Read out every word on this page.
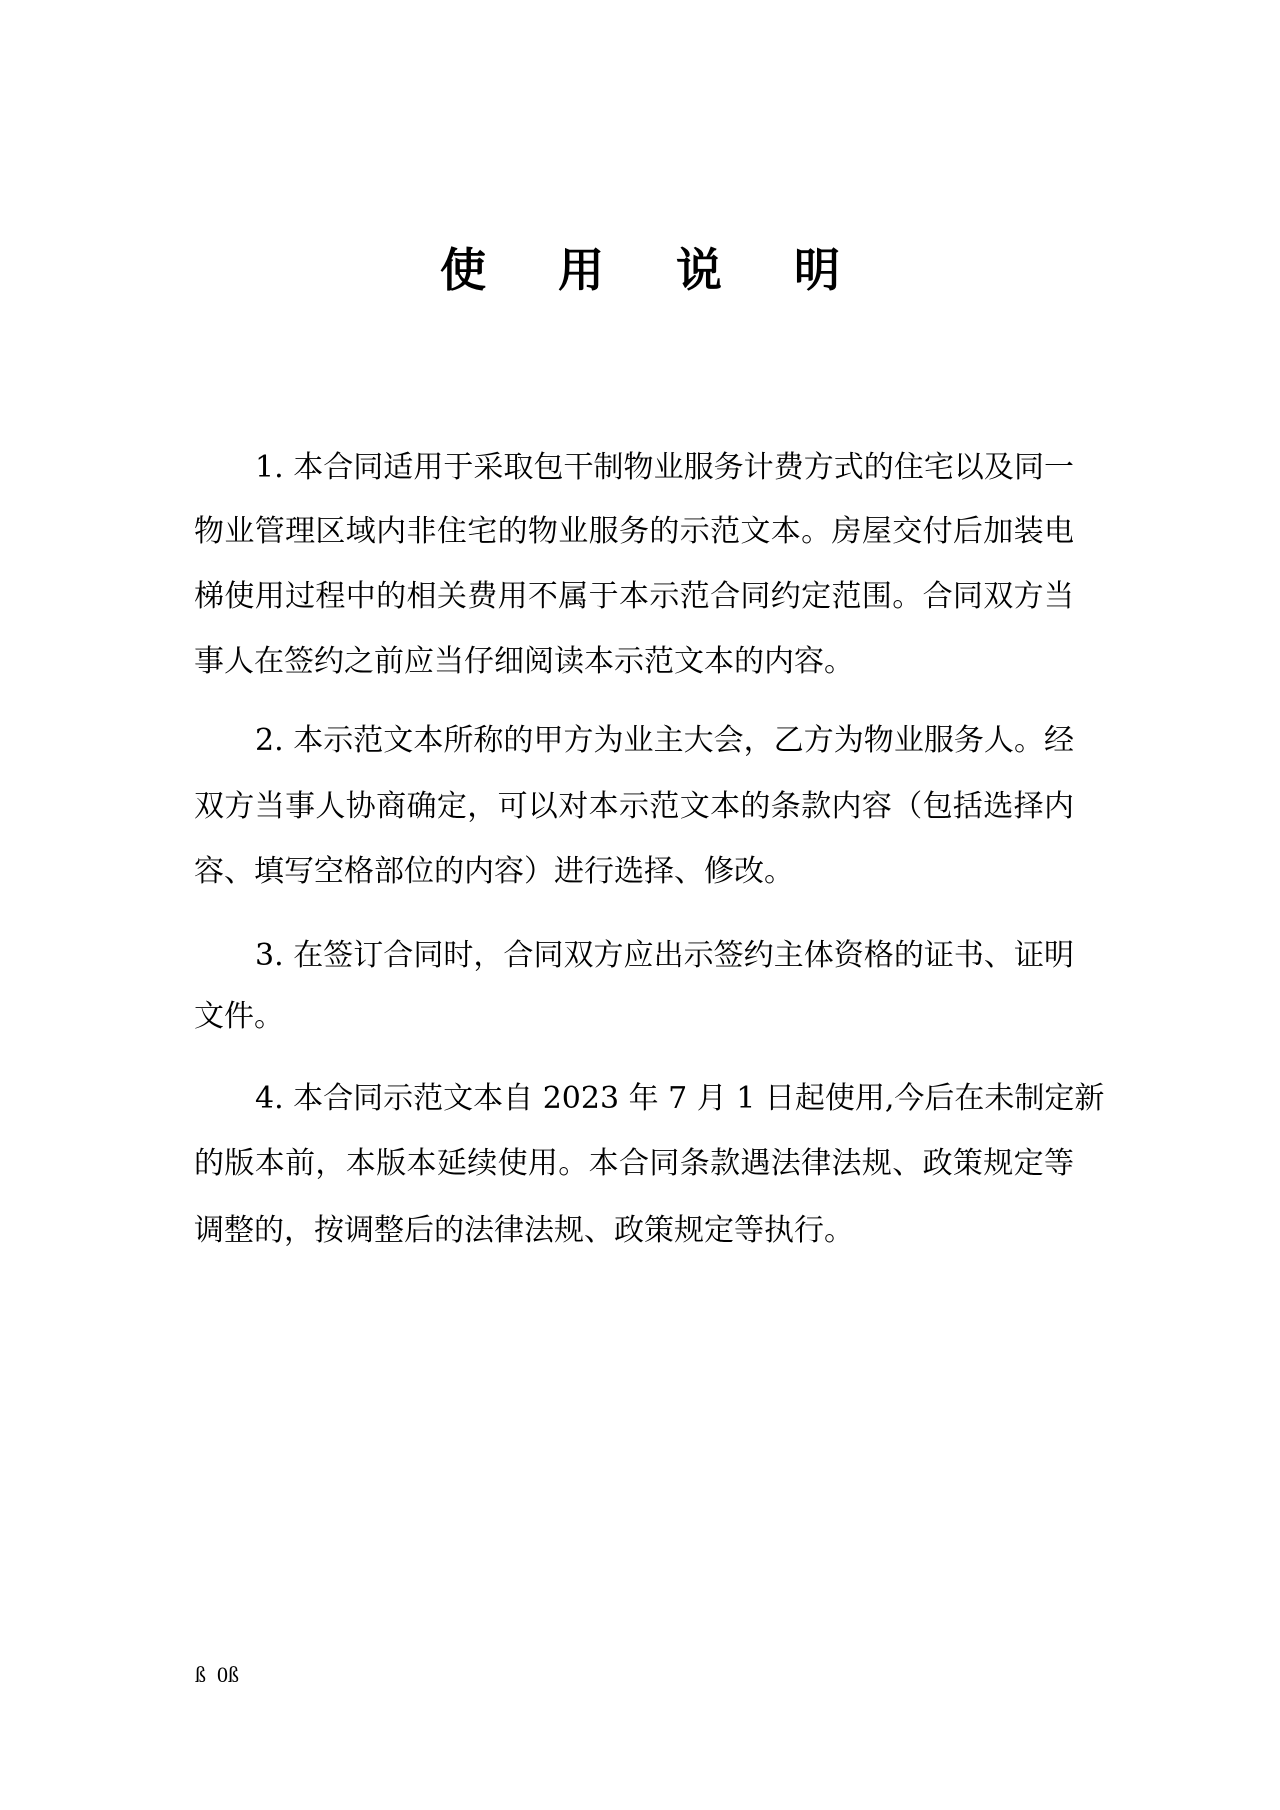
使 用 说 明
1. 本合同适用于采取包干制物业服务计费方式的住宅以及同一
物业管理区域内非住宅的物业服务的示范文本。房屋交付后加装电
梯使用过程中的相关费用不属于本示范合同约定范围。合同双方当
事人在签约之前应当仔细阅读本示范文本的内容。
2. 本示范文本所称的甲方为业主大会，乙方为物业服务人。经
双方当事人协商确定，可以对本示范文本的条款内容（包括选择内
容、填写空格部位的内容）进行选择、修改。
3. 在签订合同时，合同双方应出示签约主体资格的证书、证明
文件。
4. 本合同示范文本自 2023 年 7 月 1 日起使用,今后在未制定新
的版本前，本版本延续使用。本合同条款遇法律法规、政策规定等
调整的，按调整后的法律法规、政策规定等执行。
ß  0ß
